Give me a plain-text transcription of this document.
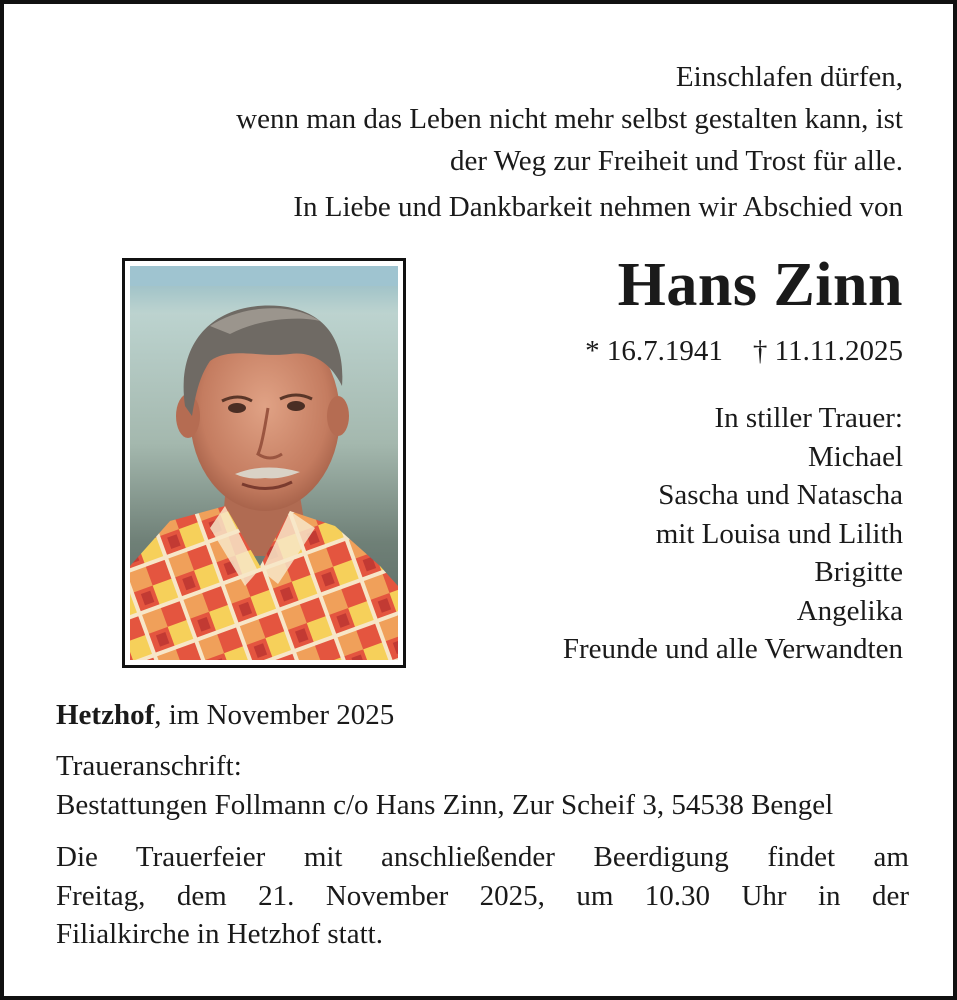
Einschlafen dürfen,
wenn man das Leben nicht mehr selbst gestalten kann, ist
der Weg zur Freiheit und Trost für alle.
In Liebe und Dankbarkeit nehmen wir Abschied von
Hans Zinn
* 16.7.1941 † 11.11.2025
In stiller Trauer:
Michael
Sascha und Natascha
mit Louisa und Lilith
Brigitte
Angelika
Freunde und alle Verwandten
Hetzhof, im November 2025
Traueranschrift:
Bestattungen Follmann c/o Hans Zinn, Zur Scheif 3, 54538 Bengel
Die Trauerfeier mit anschließender Beerdigung findet am
Freitag, dem 21. November 2025, um 10.30 Uhr in der
Filialkirche in Hetzhof statt.
